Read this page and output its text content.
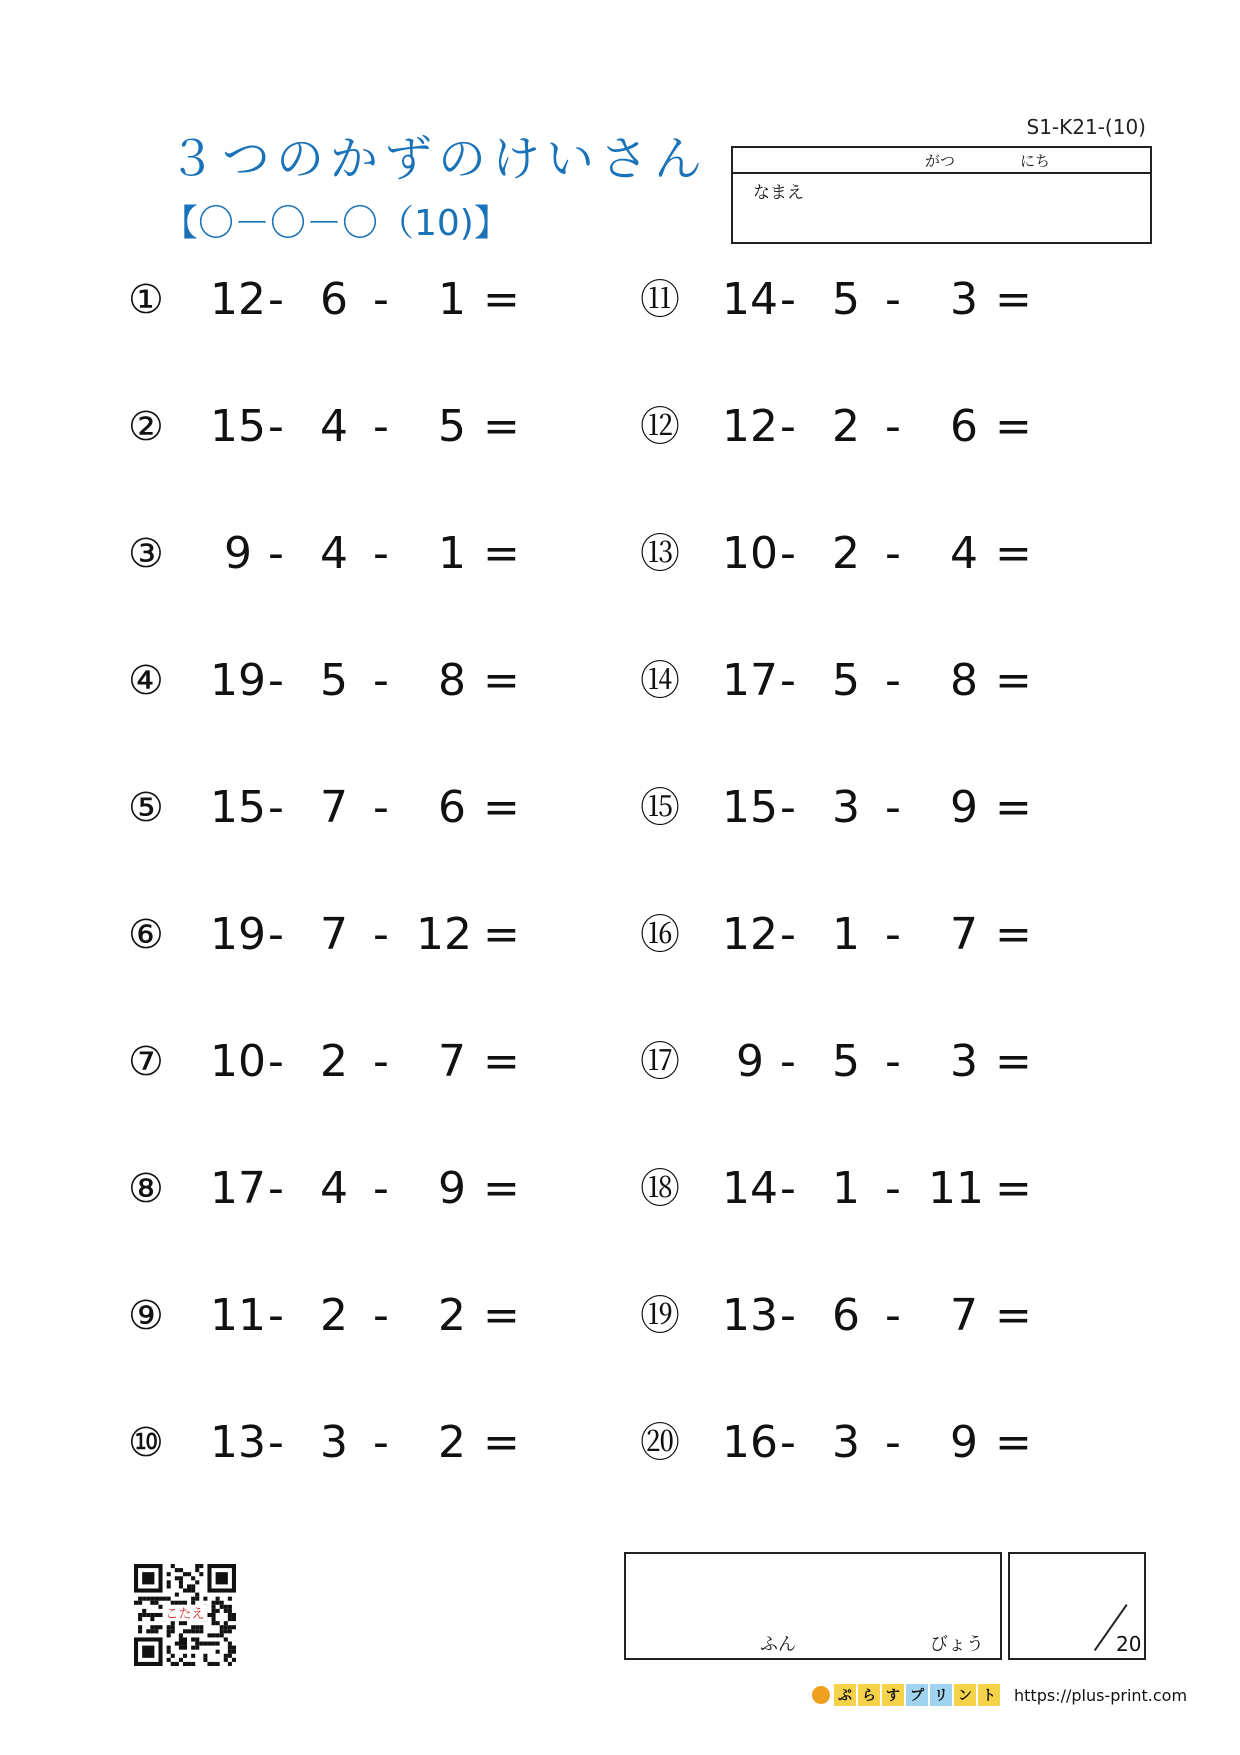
３つのかずのけいさん
【〇－〇－〇（10)】
S1-K21-(10)
がつ	にち
なまえ
① 12 - 6 - 1 =
② 15 - 4 - 5 =
③ 9 - 4 - 1 =
④ 19 - 5 - 8 =
⑤ 15 - 7 - 6 =
⑥ 19 - 7 - 12 =
⑦ 10 - 2 - 7 =
⑧ 17 - 4 - 9 =
⑨ 11 - 2 - 2 =
⑩ 13 - 3 - 2 =
⑪ 14 - 5 - 3 =
⑫ 12 - 2 - 6 =
⑬ 10 - 2 - 4 =
⑭ 17 - 5 - 8 =
⑮ 15 - 3 - 9 =
⑯ 12 - 1 - 7 =
⑰ 9 - 5 - 3 =
⑱ 14 - 1 - 11 =
⑲ 13 - 6 - 7 =
⑳ 16 - 3 - 9 =
こたえ
ふん	びょう	20
ぷ ら す プ リ ン ト https://plus-print.com
